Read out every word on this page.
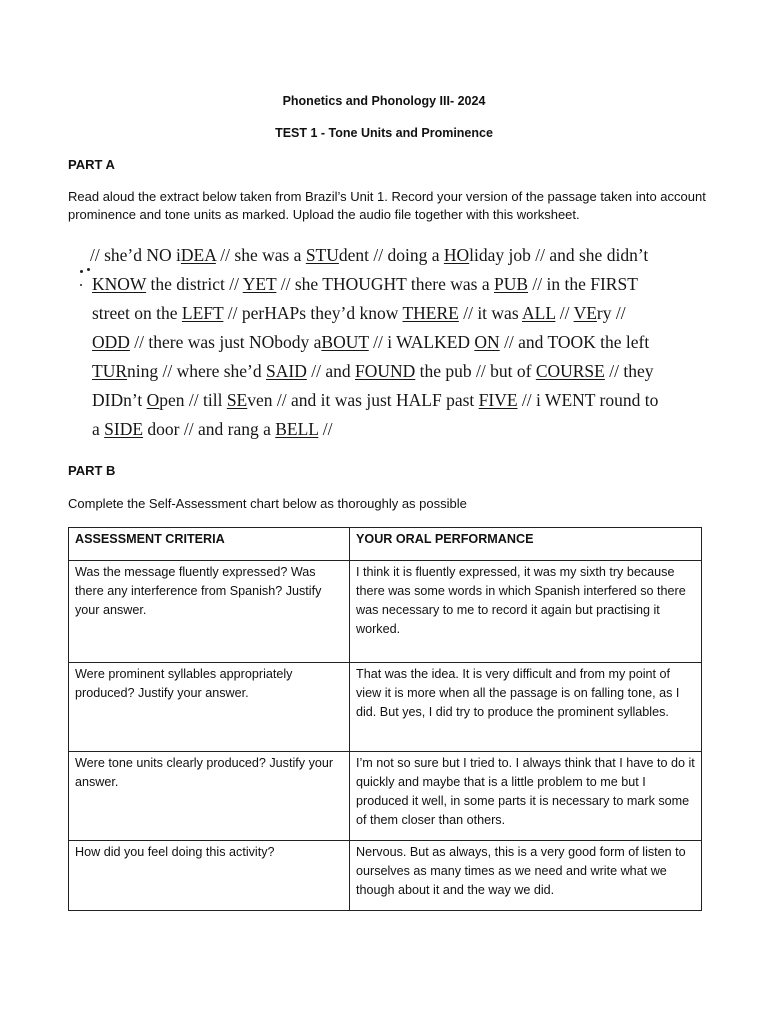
Phonetics and Phonology III- 2024
TEST 1 - Tone Units and Prominence
PART A
Read aloud the extract below taken from Brazil’s Unit 1. Record your version of the passage taken into account prominence and tone units as marked. Upload the audio file together with this worksheet.
// she’d NO iDEA // she was a STUdent // doing a HOliday job // and she didn’t
KNOW the district // YET // she THOUGHT there was a PUB // in the FIRST
street on the LEFT // perHAPs they’d know THERE // it was ALL // VEry //
ODD // there was just NObody aBOUT // i WALKED ON // and TOOK the left
TURning // where she’d SAID // and FOUND the pub // but of COURSE // they
DIDn’t Open // till SEven // and it was just HALF past FIVE // i WENT round to
a SIDE door // and rang a BELL //
PART B
Complete the Self-Assessment chart below as thoroughly as possible
ASSESSMENT CRITERIA	YOUR ORAL PERFORMANCE
Was the message fluently expressed? Was there any interference from Spanish? Justify your answer.	I think it is fluently expressed, it was my sixth try because there was some words in which Spanish interfered so there was necessary to me to record it again but practising it worked.
Were prominent syllables appropriately produced? Justify your answer.	That was the idea. It is very difficult and from my point of view it is more when all the passage is on falling tone, as I did. But yes, I did try to produce the prominent syllables.
Were tone units clearly produced? Justify your answer.	I’m not so sure but I tried to. I always think that I have to do it quickly and maybe that is a little problem to me but I produced it well, in some parts it is necessary to mark some of them closer than others.
How did you feel doing this activity?	Nervous. But as always, this is a very good form of listen to ourselves as many times as we need and write what we though about it and the way we did.
